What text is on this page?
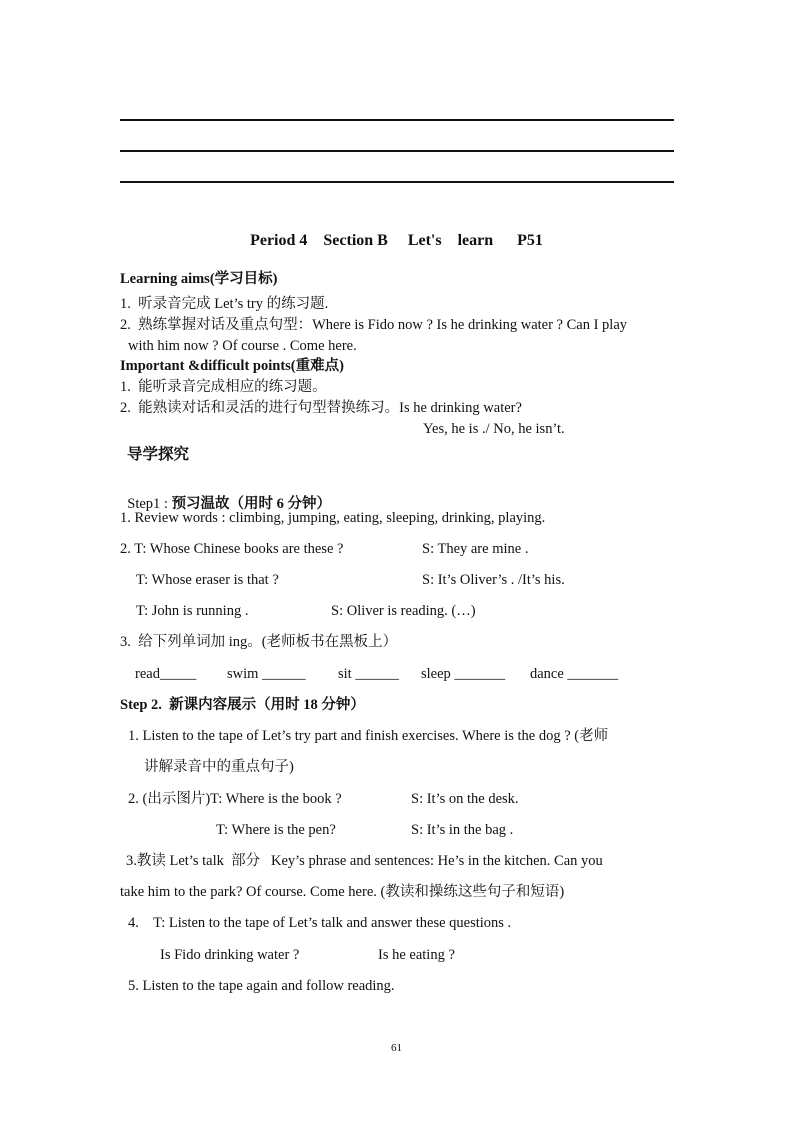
Period 4    Section B     Let's    learn      P51
Learning aims(学习目标)
1.  听录音完成 Let’s try 的练习题.
2.  熟练掌握对话及重点句型：Where is Fido now ? Is he drinking water ? Can I play
with him now ? Of course . Come here.
Important &difficult points(重难点)
1.  能听录音完成相应的练习题。
2.  能熟读对话和灵活的进行句型替换练习。Is he drinking water?
Yes, he is ./ No, he isn’t.
导学探究

Step1 : 预习温故（用时 6 分钟）

1. Review words : climbing, jumping, eating, sleeping, drinking, playing.
2. T: Whose Chinese books are these ?	S: They are mine .
T: Whose eraser is that ?	S: It’s Oliver’s . /It’s his.
T: John is running .	S: Oliver is reading. (…)
3.  给下列单词加 ing。(老师板书在黑板上）
read_____ swim ______ sit ______ sleep _______ dance _______
Step 2.  新课内容展示（用时 18 分钟）
1. Listen to the tape of Let’s try part and finish exercises. Where is the dog ? (老师
讲解录音中的重点句子)
2. (出示图片)T: Where is the book ?	S: It’s on the desk.
T: Where is the pen?	S: It’s in the bag .
3.教读 Let’s talk  部分   Key’s phrase and sentences: He’s in the kitchen. Can you
take him to the park? Of course. Come here. (教读和操练这些句子和短语)
4.    T: Listen to the tape of Let’s talk and answer these questions .
Is Fido drinking water ?	Is he eating ?
5. Listen to the tape again and follow reading.
61
